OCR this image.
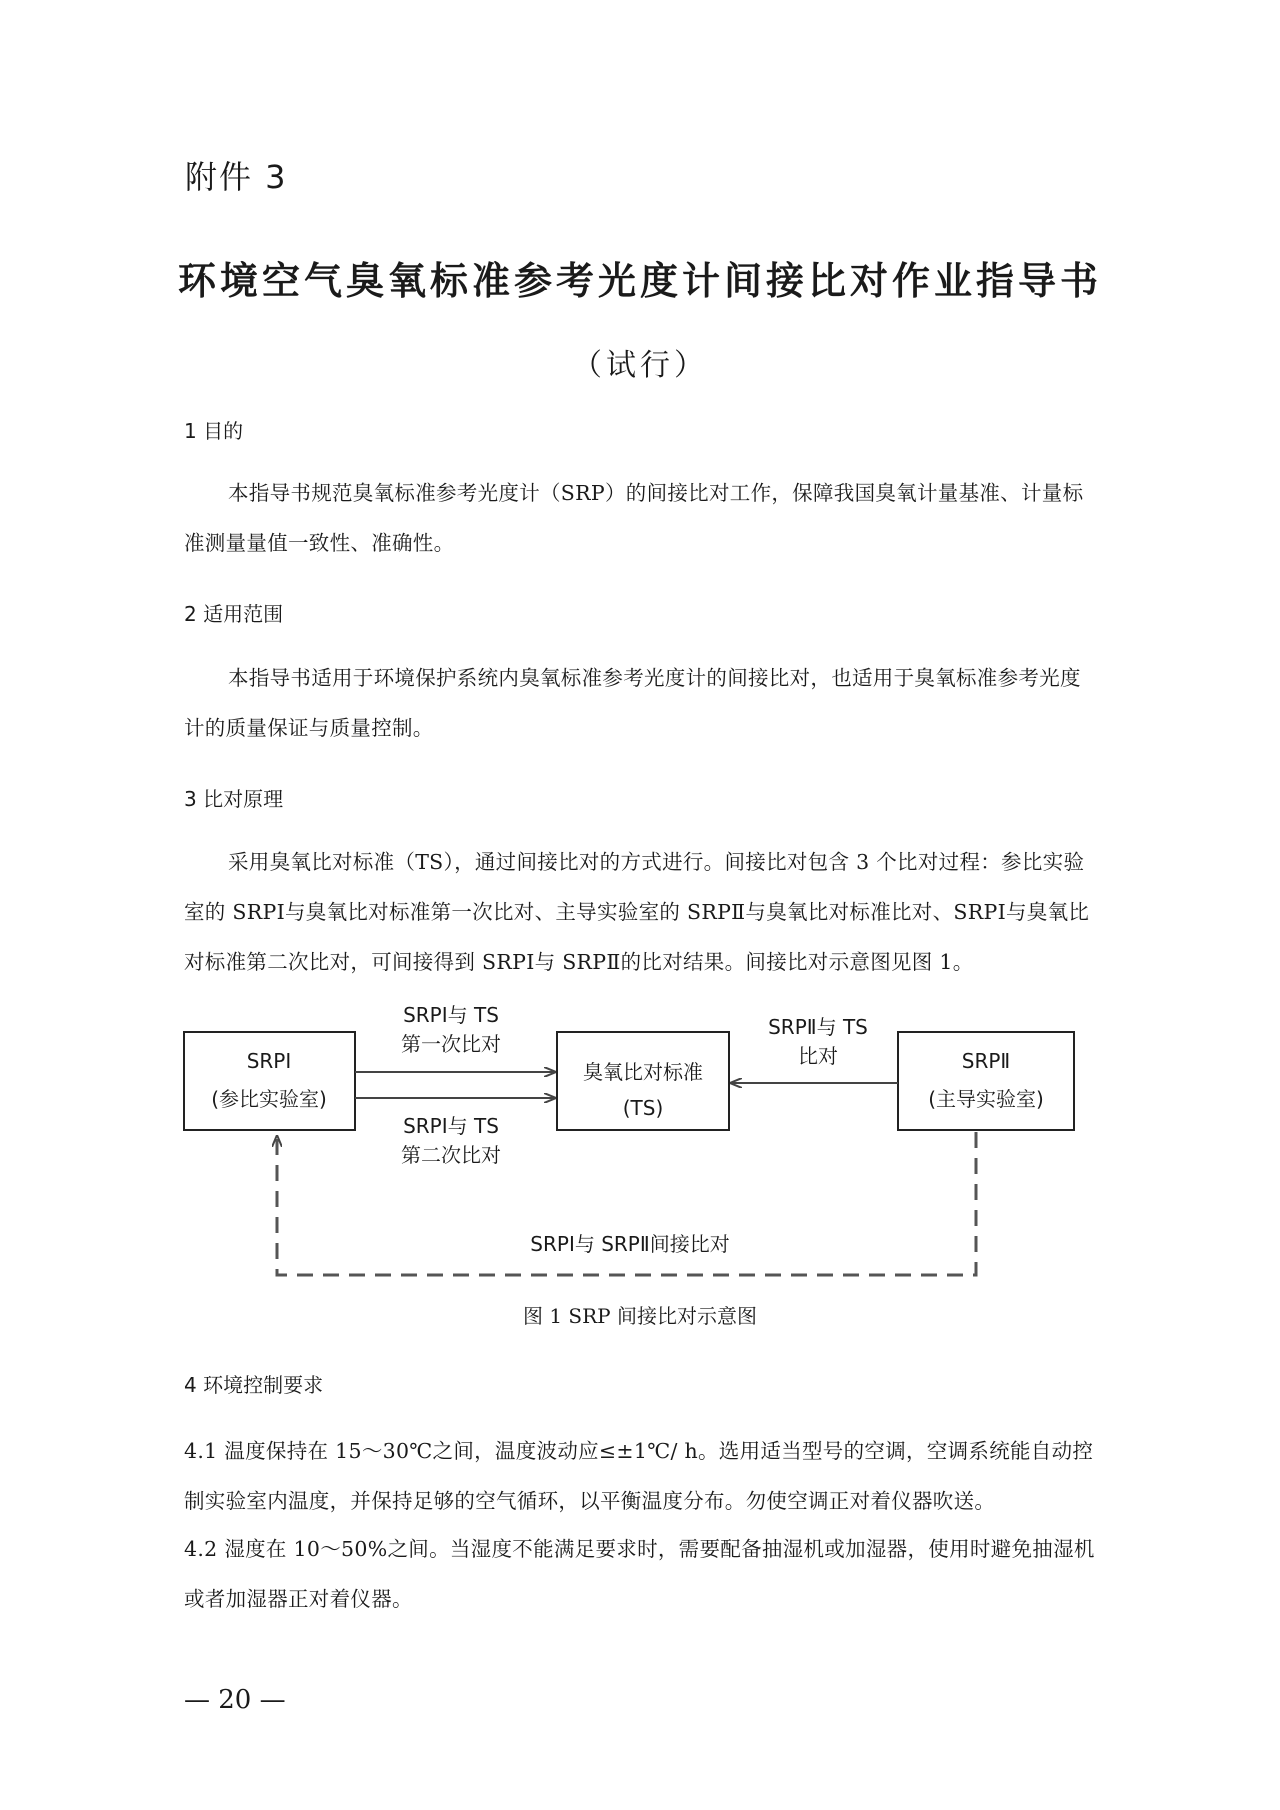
附件 3
环境空气臭氧标准参考光度计间接比对作业指导书
（试行）
1 目的

本指导书规范臭氧标准参考光度计（SRP）的间接比对工作，保障我国臭氧计量基准、计量标准测量量值一致性、准确性。

2 适用范围

本指导书适用于环境保护系统内臭氧标准参考光度计的间接比对，也适用于臭氧标准参考光度计的质量保证与质量控制。

3 比对原理

采用臭氧比对标准（TS），通过间接比对的方式进行。间接比对包含 3 个比对过程：参比实验室的 SRPⅠ与臭氧比对标准第一次比对、主导实验室的 SRPⅡ与臭氧比对标准比对、SRPⅠ与臭氧比对标准第二次比对，可间接得到 SRPⅠ与 SRPⅡ的比对结果。间接比对示意图见图 1。

SRPⅠ
(参比实验室)
臭氧比对标准
(TS)
SRPⅡ
(主导实验室)
SRPⅠ与 TS
第一次比对
SRPⅠ与 TS
第二次比对
SRPⅡ与 TS
比对
SRPⅠ与 SRPⅡ间接比对
图 1 SRP 间接比对示意图
4 环境控制要求

4.1 温度保持在 15～30℃之间，温度波动应≤±1℃/ h。选用适当型号的空调，空调系统能自动控制实验室内温度，并保持足够的空气循环，以平衡温度分布。勿使空调正对着仪器吹送。

4.2 湿度在 10～50%之间。当湿度不能满足要求时，需要配备抽湿机或加湿器，使用时避免抽湿机或者加湿器正对着仪器。

— 20 —
